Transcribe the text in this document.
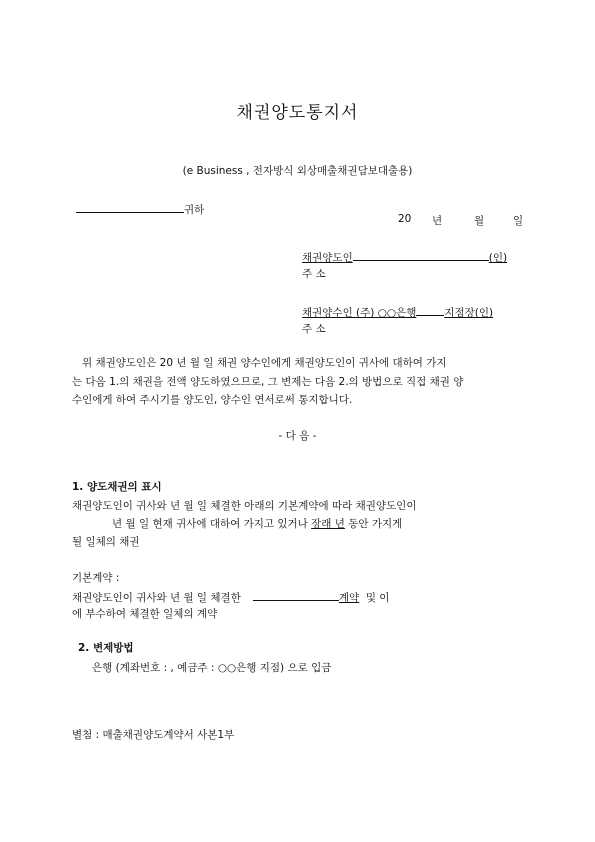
채권양도통지서
(e Business , 전자방식 외상매출채권담보대출용)
귀하
20 년	월	일
채권양도인	(인)
주 소
채권양수인 (주) ○○은행	지점장(인)
주 소
위 채권양도인은 20 년 월 일 채권 양수인에게 채권양도인이 귀사에 대하여 가지
는 다음 1.의 채권을 전액 양도하였으므로, 그 변제는 다음 2.의 방법으로 직접 채권 양
수인에게 하여 주시기를 양도인, 양수인 연서로써 통지합니다.
- 다 음 -
1. 양도채권의 표시
채권양도인이 귀사와 년 월 일 체결한 아래의 기본계약에 따라 채권양도인이
년 월 일 현재 귀사에 대하여 가지고 있거나 장래 년 동안 가지게
될 일체의 채권
기본계약 :
채권양도인이 귀사와 년 월 일 체결한	계약 및 이
에 부수하여 체결한 일체의 계약
2. 변제방법
은행 (계좌번호 : , 예금주 : ○○은행 지점) 으로 입금
별첨 : 매출채권양도계약서 사본1부
